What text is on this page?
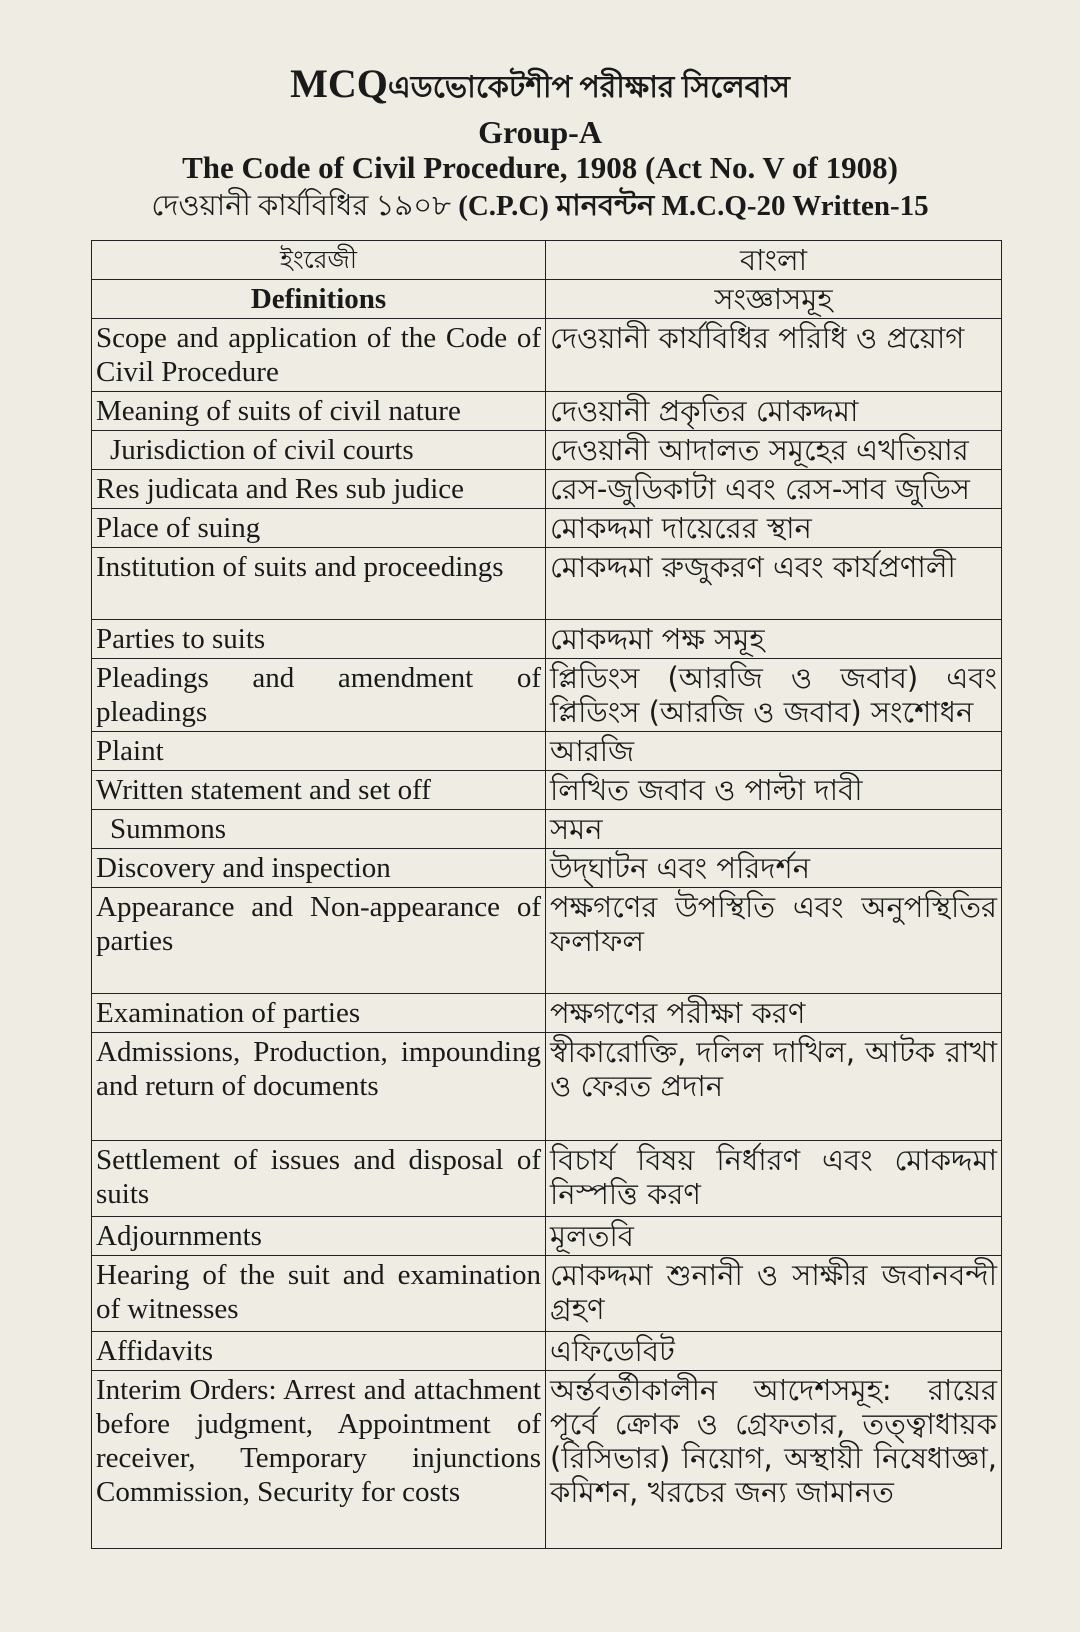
MCQএডভোকেটশীপ পরীক্ষার সিলেবাস
Group-A
The Code of Civil Procedure, 1908 (Act No. V of 1908)
দেওয়ানী কার্যবিধির ১৯০৮ (C.P.C) মানবন্টন M.C.Q-20 Written-15
ইংরেজী	বাংলা
Definitions	সংজ্ঞাসমূহ
Scope and application of the Code of Civil Procedure	দেওয়ানী কার্যবিধির পরিধি ও প্রয়োগ
Meaning of suits of civil nature	দেওয়ানী প্রকৃতির মোকদ্দমা
Jurisdiction of civil courts	দেওয়ানী আদালত সমূহের এখতিয়ার
Res judicata and Res sub judice	রেস-জুডিকাটা এবং রেস-সাব জুডিস
Place of suing	মোকদ্দমা দায়েরের স্থান
Institution of suits and proceedings	মোকদ্দমা রুজুকরণ এবং কার্যপ্রণালী
Parties to suits	মোকদ্দমা পক্ষ সমূহ
Pleadings and amendment of pleadings	প্লিডিংস (আরজি ও জবাব) এবং প্লিডিংস (আরজি ও জবাব) সংশোধন
Plaint	আরজি
Written statement and set off	লিখিত জবাব ও পাল্টা দাবী
Summons	সমন
Discovery and inspection	উদ্‌ঘাটন এবং পরিদর্শন
Appearance and Non-appearance of parties	পক্ষগণের উপস্থিতি এবং অনুপস্থিতির ফলাফল
Examination of parties	পক্ষগণের পরীক্ষা করণ
Admissions, Production, impounding and return of documents	স্বীকারোক্তি, দলিল দাখিল, আটক রাখা ও ফেরত প্রদান
Settlement of issues and disposal of suits	বিচার্য বিষয় নির্ধারণ এবং মোকদ্দমা নিস্পত্তি করণ
Adjournments	মূলতবি
Hearing of the suit and examination of witnesses	মোকদ্দমা শুনানী ও সাক্ষীর জবানবন্দী গ্রহণ
Affidavits	এফিডেবিট
Interim Orders: Arrest and attachment before judgment, Appointment of receiver, Temporary injunctions Commission, Security for costs	অর্ন্তবর্তীকালীন আদেশসমূহ: রায়ের পূর্বে ক্রোক ও গ্রেফতার, তত্ত্বাধায়ক (রিসিভার) নিয়োগ, অস্থায়ী নিষেধাজ্ঞা, কমিশন, খরচের জন্য জামানত
